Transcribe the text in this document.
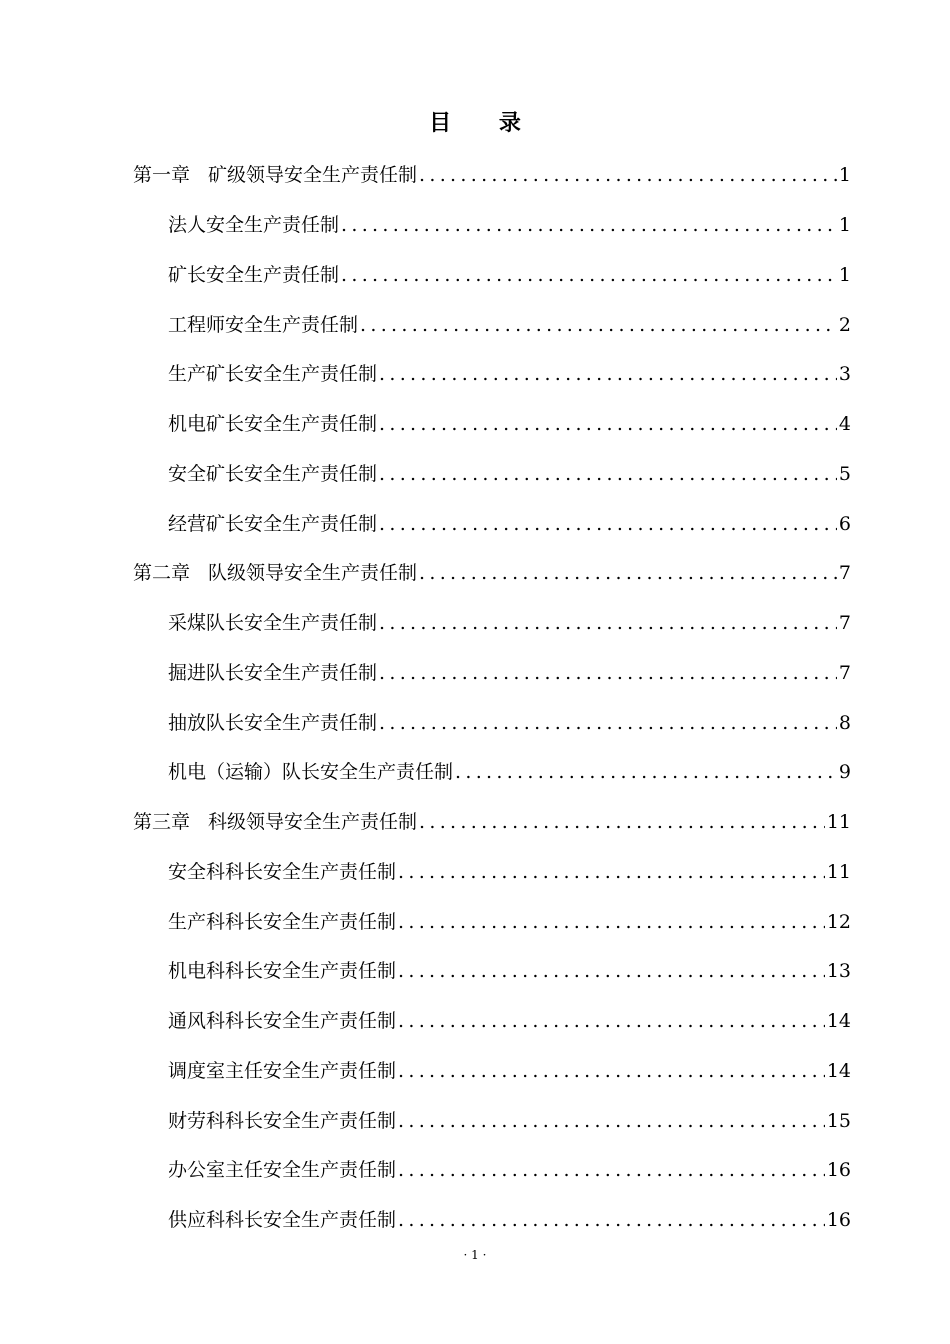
目 录
第一章 矿级领导安全生产责任制 .....	1
法人安全生产责任制 .....	1
矿长安全生产责任制 .....	1
工程师安全生产责任制 .....	2
生产矿长安全生产责任制 .....	3
机电矿长安全生产责任制 .....	4
安全矿长安全生产责任制 .....	5
经营矿长安全生产责任制 .....	6
第二章 队级领导安全生产责任制 .....	7
采煤队长安全生产责任制 .....	7
掘进队长安全生产责任制 .....	7
抽放队长安全生产责任制 .....	8
机电（运输）队长安全生产责任制 .....	9
第三章 科级领导安全生产责任制 .....	11
安全科科长安全生产责任制 .....	11
生产科科长安全生产责任制 .....	12
机电科科长安全生产责任制 .....	13
通风科科长安全生产责任制 .....	14
调度室主任安全生产责任制 .....	14
财劳科科长安全生产责任制 .....	15
办公室主任安全生产责任制 .....	16
供应科科长安全生产责任制 .....	16
· 1 ·
